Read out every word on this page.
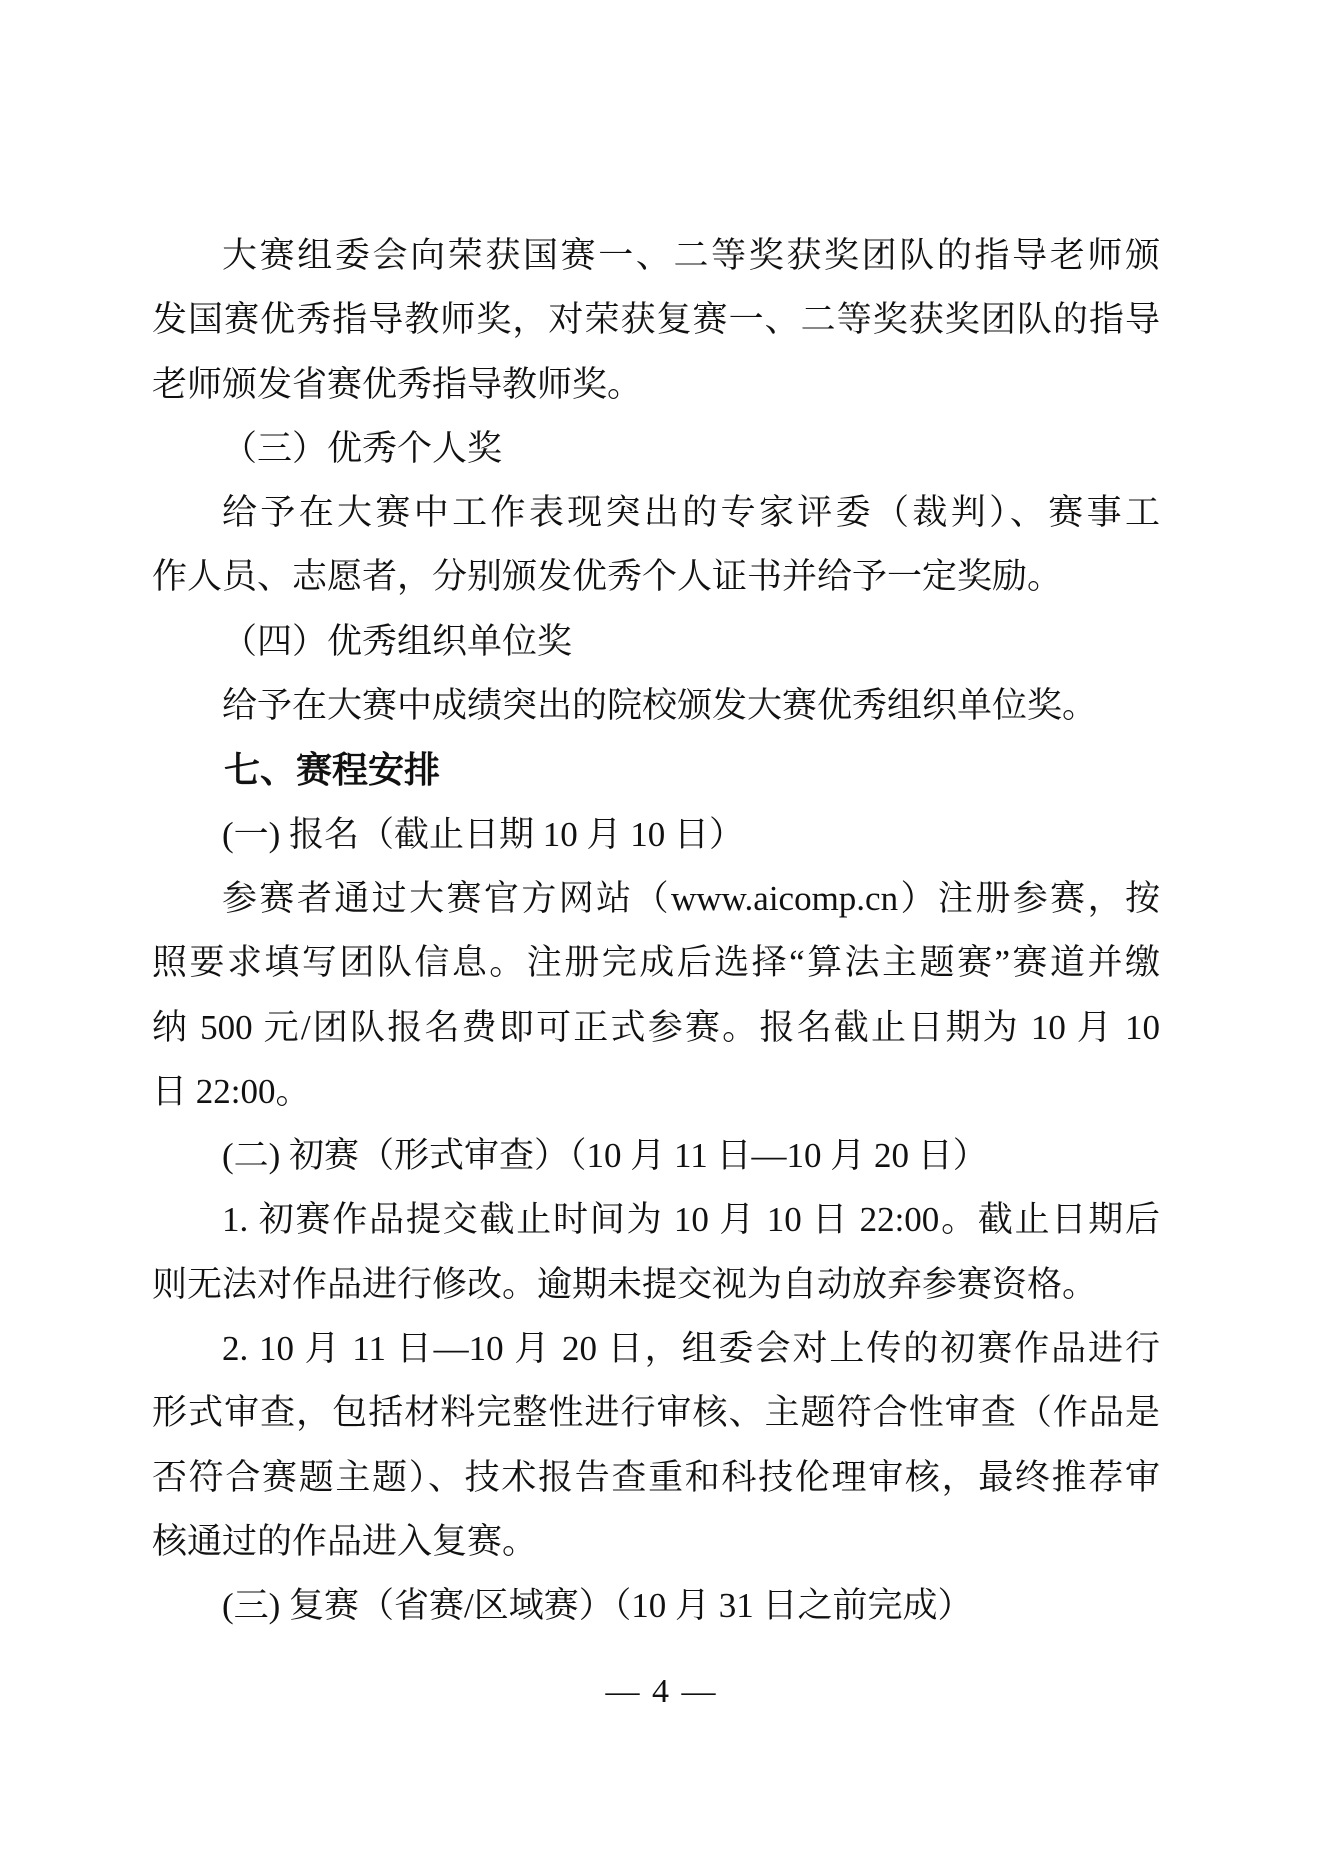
大赛组委会向荣获国赛一、二等奖获奖团队的指导老师颁
发国赛优秀指导教师奖，对荣获复赛一、二等奖获奖团队的指导
老师颁发省赛优秀指导教师奖。
（三）优秀个人奖
给予在大赛中工作表现突出的专家评委（裁判）、赛事工
作人员、志愿者，分别颁发优秀个人证书并给予一定奖励。
（四）优秀组织单位奖
给予在大赛中成绩突出的院校颁发大赛优秀组织单位奖。
七、赛程安排
(一) 报名（截止日期 10 月 10 日）
参赛者通过大赛官方网站（www.aicomp.cn）注册参赛，按
照要求填写团队信息。注册完成后选择“算法主题赛”赛道并缴
纳 500 元/团队报名费即可正式参赛。报名截止日期为 10 月 10
日 22:00。
(二) 初赛（形式审查）（10 月 11 日—10 月 20 日）
1. 初赛作品提交截止时间为 10 月 10 日 22:00。截止日期后
则无法对作品进行修改。逾期未提交视为自动放弃参赛资格。
2. 10 月 11 日—10 月 20 日，组委会对上传的初赛作品进行
形式审查，包括材料完整性进行审核、主题符合性审查（作品是
否符合赛题主题）、技术报告查重和科技伦理审核，最终推荐审
核通过的作品进入复赛。
(三) 复赛（省赛/区域赛）（10 月 31 日之前完成）
— 4 —
